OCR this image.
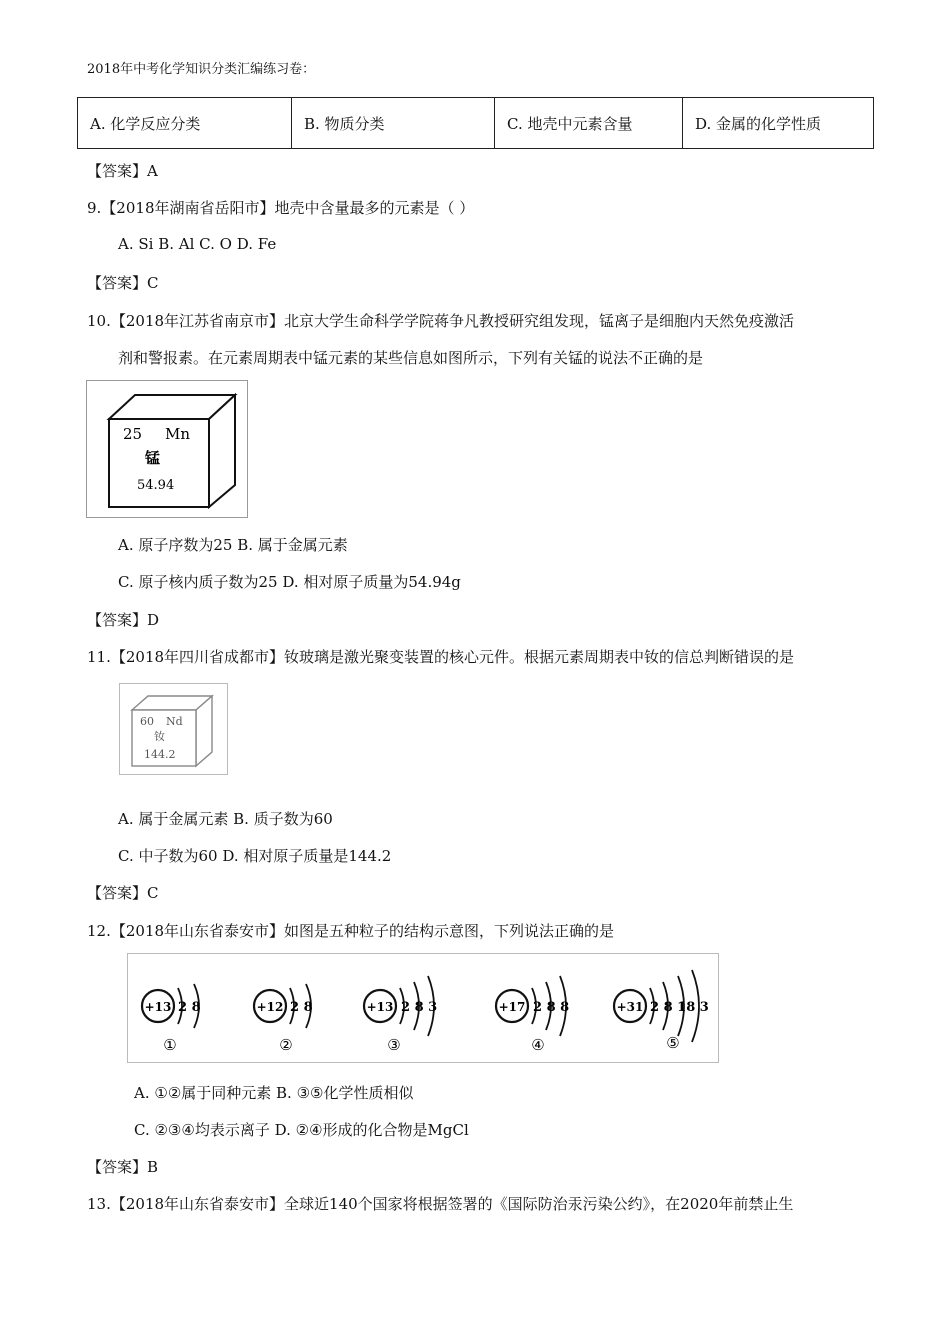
2018年中考化学知识分类汇编练习卷：
A. 化学反应分类	B. 物质分类	C. 地壳中元素含量	D. 金属的化学性质
【答案】A
9.【2018年湖南省岳阳市】地壳中含量最多的元素是（ ）
A. Si B. Al C. O D. Fe
【答案】C
10.【2018年江苏省南京市】北京大学生命科学学院蒋争凡教授研究组发现，锰离子是细胞内天然免疫激活
剂和警报素。在元素周期表中锰元素的某些信息如图所示，下列有关锰的说法不正确的是
25 Mn
锰
54.94
A. 原子序数为25 B. 属于金属元素
C. 原子核内质子数为25 D. 相对原子质量为54.94g
【答案】D
11.【2018年四川省成都市】钕玻璃是激光聚变装置的核心元件。根据元素周期表中钕的信总判断错误的是
60 Nd
钕
144.2
A. 属于金属元素 B. 质子数为60
C. 中子数为60 D. 相对原子质量是144.2
【答案】C
12.【2018年山东省泰安市】如图是五种粒子的结构示意图，下列说法正确的是
+13 2 8
①
+12 2 8
②
+13 2 8 3
③
+17 2 8 8
④
+31 2 8 18 3
⑤
A. ①②属于同种元素 B. ③⑤化学性质相似
C. ②③④均表示离子 D. ②④形成的化合物是MgCl
【答案】B
13.【2018年山东省泰安市】全球近140个国家将根据签署的《国际防治汞污染公约》，在2020年前禁止生
